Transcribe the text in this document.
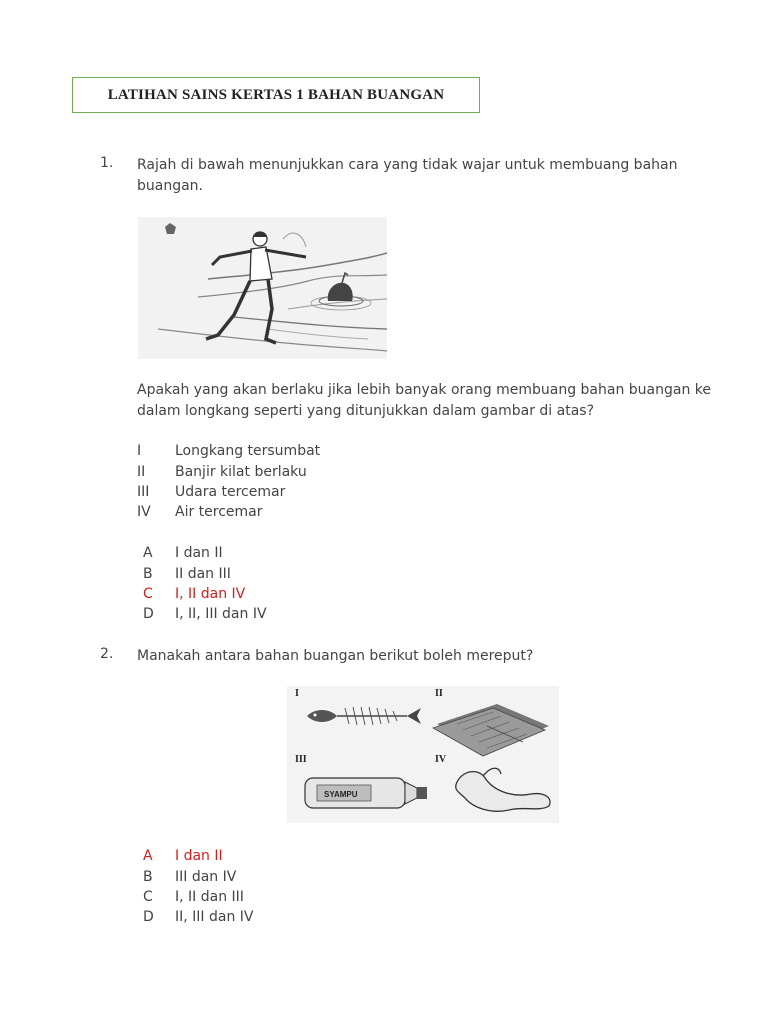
LATIHAN SAINS KERTAS 1 BAHAN BUANGAN
1. Rajah di bawah menunjukkan cara yang tidak wajar untuk membuang bahan
buangan.
Apakah yang akan berlaku jika lebih banyak orang membuang bahan buangan ke
dalam longkang seperti yang ditunjukkan dalam gambar di atas?
I Longkang tersumbat
II Banjir kilat berlaku
III Udara tercemar
IV Air tercemar
A I dan II
B II dan III
C I, II dan IV
D I, II, III dan IV
2. Manakah antara bahan buangan berikut boleh mereput?
I	II
III	IV
SYAMPU
A I dan II
B III dan IV
C I, II dan III
D II, III dan IV
